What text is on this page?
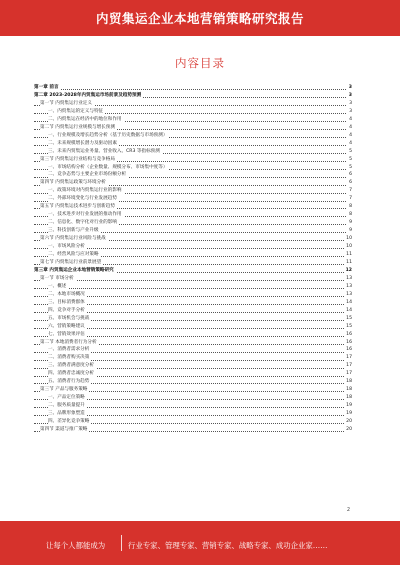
内贸集运企业本地营销策略研究报告
内容目录
第一章 前言	3
第二章 2023-2028年内贸集运市场前景及趋势预测	3
第一节 内贸集运行业定义	3
一、内贸集运的定义与特征	3
二、内贸集运在经济中的地位和作用	4
第二节 内贸集运行业规模与增长预测	4
一、行业规模及增长趋势分析（基于历史数据与市场预测）	4
二、未来规模增长潜力及驱动因素	4
三、未来内贸集运业务量、营业收入、CR3 等指标预测	5
第三节 内贸集运行业结构与竞争格局	5
一、市场结构分析（企业数量、规模分布、市场集中度等）	5
二、竞争态势与主要企业市场份额分析	6
第四节 内贸集运政策与环境分析	6
一、政策环境对内贸集运行业的影响	7
二、外部环境变化与行业发展趋势	7
第五节 内贸集运技术进步与创新趋势	8
一、技术进步对行业发展的推动作用	8
二、信息化、数字化对行业的影响	9
三、科技创新与产业升级	9
第六节 内贸集运行业风险与挑战	10
一、市场风险分析	10
二、经营风险与应对策略	11
第七节 内贸集运行业前景展望	11
第三章 内贸集运企业本地营销策略研究	12
第一节 市场分析	13
一、概述	13
二、本地市场概况	13
三、目标消费群体	14
四、竞争对手分析	14
五、市场机会与挑战	15
六、营销策略建议	15
七、营销效果评估	16
第二节 本地消费者行为分析	16
一、消费者需求分析	16
二、消费者购买决策	17
三、消费者满意度分析	17
四、消费者忠诚度分析	17
五、消费者行为趋势	18
第三节 产品与服务策略	18
一、产品定位策略	18
二、服务质量提升	19
三、品牌形象塑造	19
四、差异化竞争策略	20
第四节 渠道与推广策略	20
2
让每个人都能成为	行业专家、管理专家、营销专家、战略专家、成功企业家……
